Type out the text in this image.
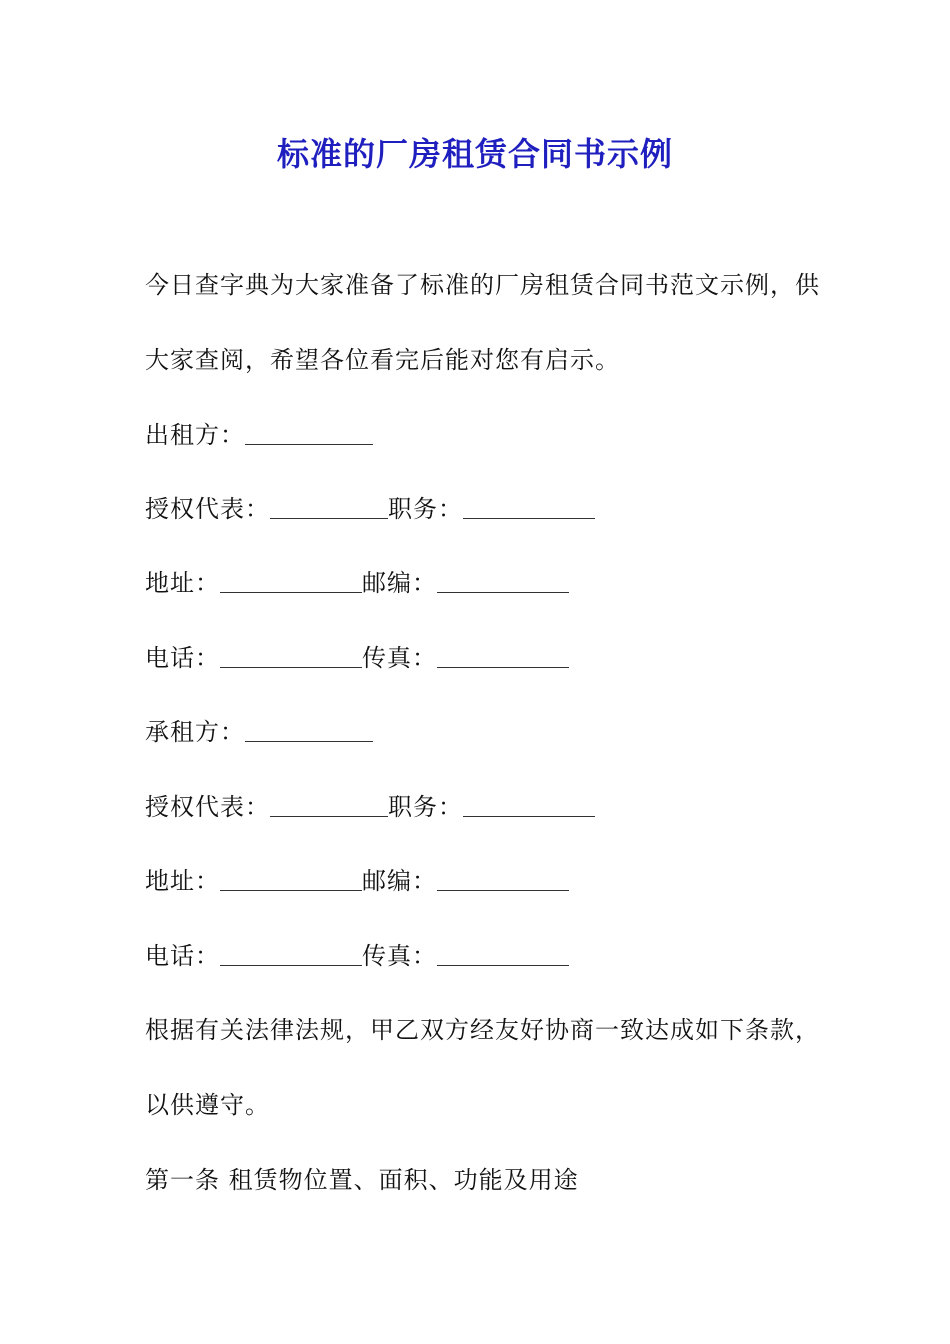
标准的厂房租赁合同书示例
今日查字典为大家准备了标准的厂房租赁合同书范文示例，供
大家查阅，希望各位看完后能对您有启示。
出租方：
授权代表：	职务：
地址：	邮编：
电话：	传真：
承租方：
授权代表：	职务：
地址：	邮编：
电话：	传真：
根据有关法律法规，甲乙双方经友好协商一致达成如下条款，
以供遵守。
第一条 租赁物位置、面积、功能及用途
